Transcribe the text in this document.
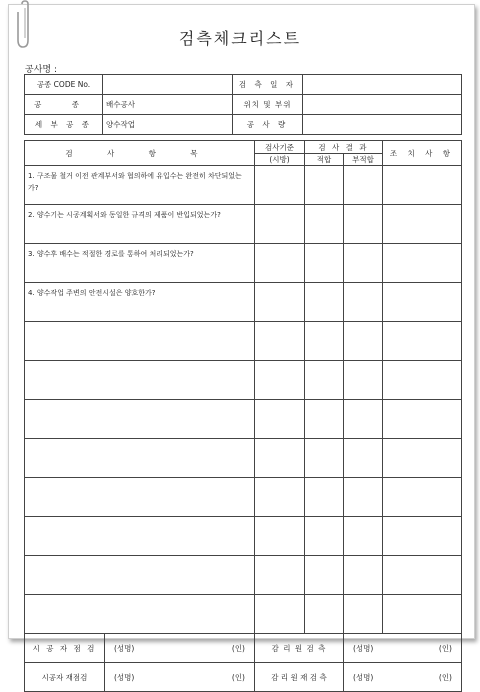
검측체크리스트
공사명 :
공종 CODE No.		검 측 일 자	
공 종	배수공사	위치 및 부위	
세 부 공 종	양수작업	공 사 량	
검 사 항 목		검사기준	검 사 결 과		조 치 사 항
		(시방)	적합	부적합	
1. 구조물 철거 이전 관계부서와 협의하에 유입수는 완전히 차단되었는가?					
2. 양수기는 시공계획서와 동일한 규격의 제품이 반입되었는가?					
3. 양수후 배수는 적절한 경로를 통하여 처리되었는가?					
4. 양수작업 주변의 안전시설은 양호한가?					

시 공 자 점 검	(성명) (인)	감 리 원 검 측		(성명) (인)	

시공자 재점검	(성명) (인)	감 리 원 재 검 측		(성명) (인)	
